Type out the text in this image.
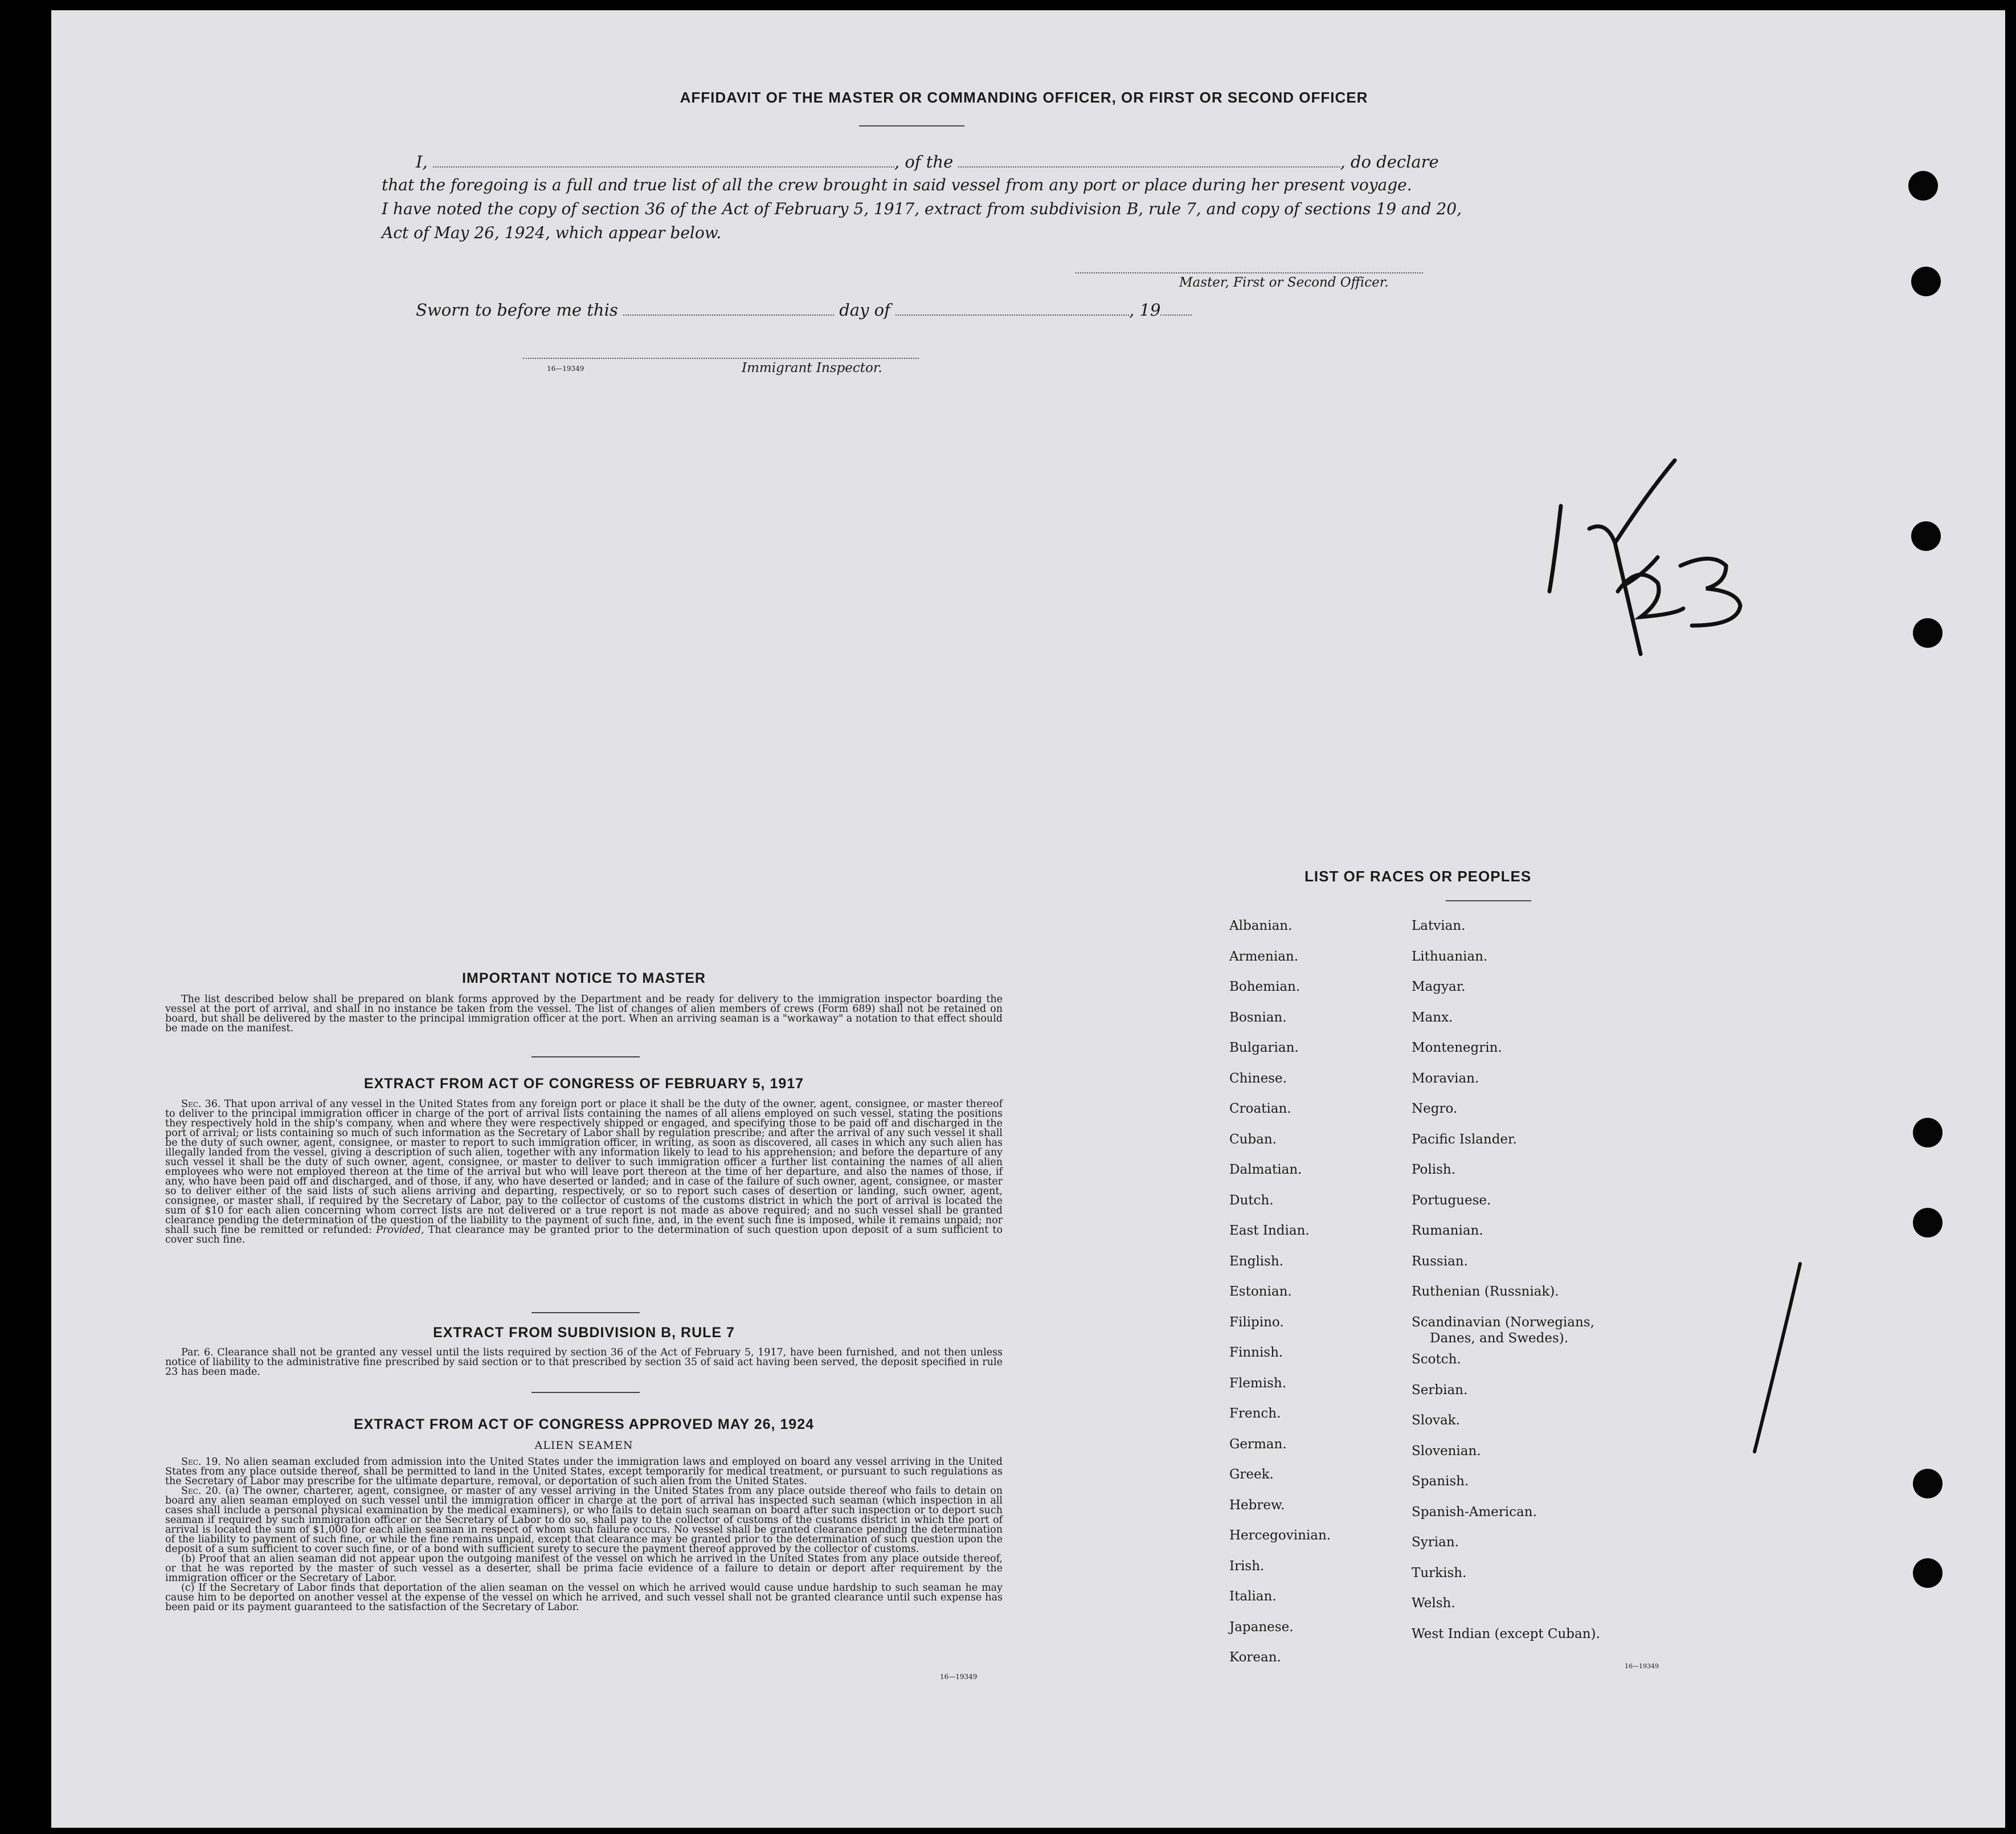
AFFIDAVIT OF THE MASTER OR COMMANDING OFFICER, OR FIRST OR SECOND OFFICER
I,	, of the	, do declare
that the foregoing is a full and true list of all the crew brought in said vessel from any port or place during her present voyage.
I have noted the copy of section 36 of the Act of February 5, 1917, extract from subdivision B, rule 7, and copy of sections 19 and 20,
Act of May 26, 1924, which appear below.
Master, First or Second Officer.
Sworn to before me this	day of	, 19
16—19349	Immigrant Inspector.
1¼3
IMPORTANT NOTICE TO MASTER

The list described below shall be prepared on blank forms approved by the Department and be ready for delivery to the immigration inspector boarding the vessel at the port of arrival, and shall in no instance be taken from the vessel. The list of changes of alien members of crews (Form 689) shall not be retained on board, but shall be delivered by the master to the principal immigration officer at the port. When an arriving seaman is a "workaway" a notation to that effect should be made on the manifest.

EXTRACT FROM ACT OF CONGRESS OF FEBRUARY 5, 1917

Sec. 36. That upon arrival of any vessel in the United States from any foreign port or place it shall be the duty of the owner, agent, consignee, or master thereof to deliver to the principal immigration officer in charge of the port of arrival lists containing the names of all aliens employed on such vessel, stating the positions they respectively hold in the ship's company, when and where they were respectively shipped or engaged, and specifying those to be paid off and discharged in the port of arrival; or lists containing so much of such information as the Secretary of Labor shall by regulation prescribe; and after the arrival of any such vessel it shall be the duty of such owner, agent, consignee, or master to report to such immigration officer, in writing, as soon as discovered, all cases in which any such alien has illegally landed from the vessel, giving a description of such alien, together with any information likely to lead to his apprehension; and before the departure of any such vessel it shall be the duty of such owner, agent, consignee, or master to deliver to such immigration officer a further list containing the names of all alien employees who were not employed thereon at the time of the arrival but who will leave port thereon at the time of her departure, and also the names of those, if any, who have been paid off and discharged, and of those, if any, who have deserted or landed; and in case of the failure of such owner, agent, consignee, or master so to deliver either of the said lists of such aliens arriving and departing, respectively, or so to report such cases of desertion or landing, such owner, agent, consignee, or master shall, if required by the Secretary of Labor, pay to the collector of customs of the customs district in which the port of arrival is located the sum of $10 for each alien concerning whom correct lists are not delivered or a true report is not made as above required; and no such vessel shall be granted clearance pending the determination of the question of the liability to the payment of such fine, and, in the event such fine is imposed, while it remains unpaid; nor shall such fine be remitted or refunded: Provided, That clearance may be granted prior to the determination of such question upon deposit of a sum sufficient to cover such fine.

EXTRACT FROM SUBDIVISION B, RULE 7

Par. 6. Clearance shall not be granted any vessel until the lists required by section 36 of the Act of February 5, 1917, have been furnished, and not then unless notice of liability to the administrative fine prescribed by said section or to that prescribed by section 35 of said act having been served, the deposit specified in rule 23 has been made.

EXTRACT FROM ACT OF CONGRESS APPROVED MAY 26, 1924
ALIEN SEAMEN

Sec. 19. No alien seaman excluded from admission into the United States under the immigration laws and employed on board any vessel arriving in the United States from any place outside thereof, shall be permitted to land in the United States, except temporarily for medical treatment, or pursuant to such regulations as the Secretary of Labor may prescribe for the ultimate departure, removal, or deportation of such alien from the United States.

Sec. 20. (a) The owner, charterer, agent, consignee, or master of any vessel arriving in the United States from any place outside thereof who fails to detain on board any alien seaman employed on such vessel until the immigration officer in charge at the port of arrival has inspected such seaman (which inspection in all cases shall include a personal physical examination by the medical examiners), or who fails to detain such seaman on board after such inspection or to deport such seaman if required by such immigration officer or the Secretary of Labor to do so, shall pay to the collector of customs of the customs district in which the port of arrival is located the sum of $1,000 for each alien seaman in respect of whom such failure occurs. No vessel shall be granted clearance pending the determination of the liability to payment of such fine, or while the fine remains unpaid, except that clearance may be granted prior to the determination of such question upon the deposit of a sum sufficient to cover such fine, or of a bond with sufficient surety to secure the payment thereof approved by the collector of customs.

(b) Proof that an alien seaman did not appear upon the outgoing manifest of the vessel on which he arrived in the United States from any place outside thereof, or that he was reported by the master of such vessel as a deserter, shall be prima facie evidence of a failure to detain or deport after requirement by the immigration officer or the Secretary of Labor.

(c) If the Secretary of Labor finds that deportation of the alien seaman on the vessel on which he arrived would cause undue hardship to such seaman he may cause him to be deported on another vessel at the expense of the vessel on which he arrived, and such vessel shall not be granted clearance until such expense has been paid or its payment guaranteed to the satisfaction of the Secretary of Labor.

16—19349
LIST OF RACES OR PEOPLES
Albanian.
Armenian.
Bohemian.
Bosnian.
Bulgarian.
Chinese.
Croatian.
Cuban.
Dalmatian.
Dutch.
East Indian.
English.
Estonian.
Filipino.
Finnish.
Flemish.
French.
German.
Greek.
Hebrew.
Hercegovinian.
Irish.
Italian.
Japanese.
Korean.
Latvian.
Lithuanian.
Magyar.
Manx.
Montenegrin.
Moravian.
Negro.
Pacific Islander.
Polish.
Portuguese.
Rumanian.
Russian.
Ruthenian (Russniak).
Scandinavian (Norwegians,
Danes, and Swedes).
Scotch.
Serbian.
Slovak.
Slovenian.
Spanish.
Spanish-American.
Syrian.
Turkish.
Welsh.
West Indian (except Cuban).
16—19349
